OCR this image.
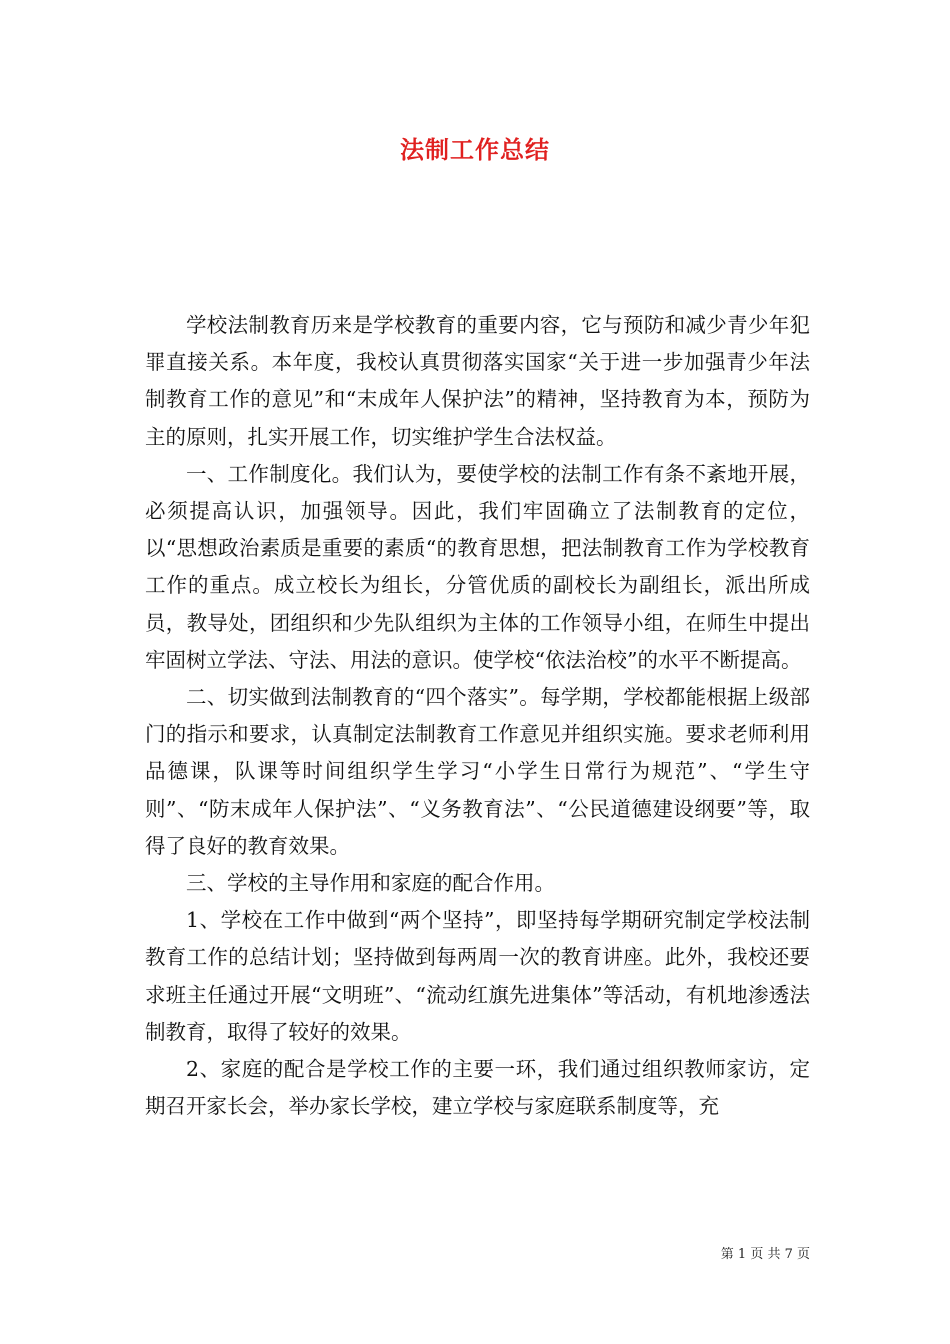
法制工作总结

学校法制教育历来是学校教育的重要内容，它与预防和减少青少年犯罪直接关系。本年度，我校认真贯彻落实国家“关于进一步加强青少年法制教育工作的意见”和“末成年人保护法”的精神，坚持教育为本，预防为主的原则，扎实开展工作，切实维护学生合法权益。

一、工作制度化。我们认为，要使学校的法制工作有条不紊地开展，必须提高认识，加强领导。因此，我们牢固确立了法制教育的定位，以“思想政治素质是重要的素质“的教育思想，把法制教育工作为学校教育工作的重点。成立校长为组长，分管优质的副校长为副组长，派出所成员，教导处，团组织和少先队组织为主体的工作领导小组，在师生中提出牢固树立学法、守法、用法的意识。使学校“依法治校”的水平不断提高。

二、切实做到法制教育的“四个落实”。每学期，学校都能根据上级部门的指示和要求，认真制定法制教育工作意见并组织实施。要求老师利用品德课，队课等时间组织学生学习“小学生日常行为规范”、“学生守则”、“防末成年人保护法”、“义务教育法”、“公民道德建设纲要”等，取得了良好的教育效果。

三、学校的主导作用和家庭的配合作用。

1、学校在工作中做到“两个坚持”，即坚持每学期研究制定学校法制教育工作的总结计划；坚持做到每两周一次的教育讲座。此外，我校还要求班主任通过开展“文明班”、“流动红旗先进集体”等活动，有机地渗透法制教育，取得了较好的效果。

2、家庭的配合是学校工作的主要一环，我们通过组织教师家访，定期召开家长会，举办家长学校，建立学校与家庭联系制度等，充

第 1 页 共 7 页
